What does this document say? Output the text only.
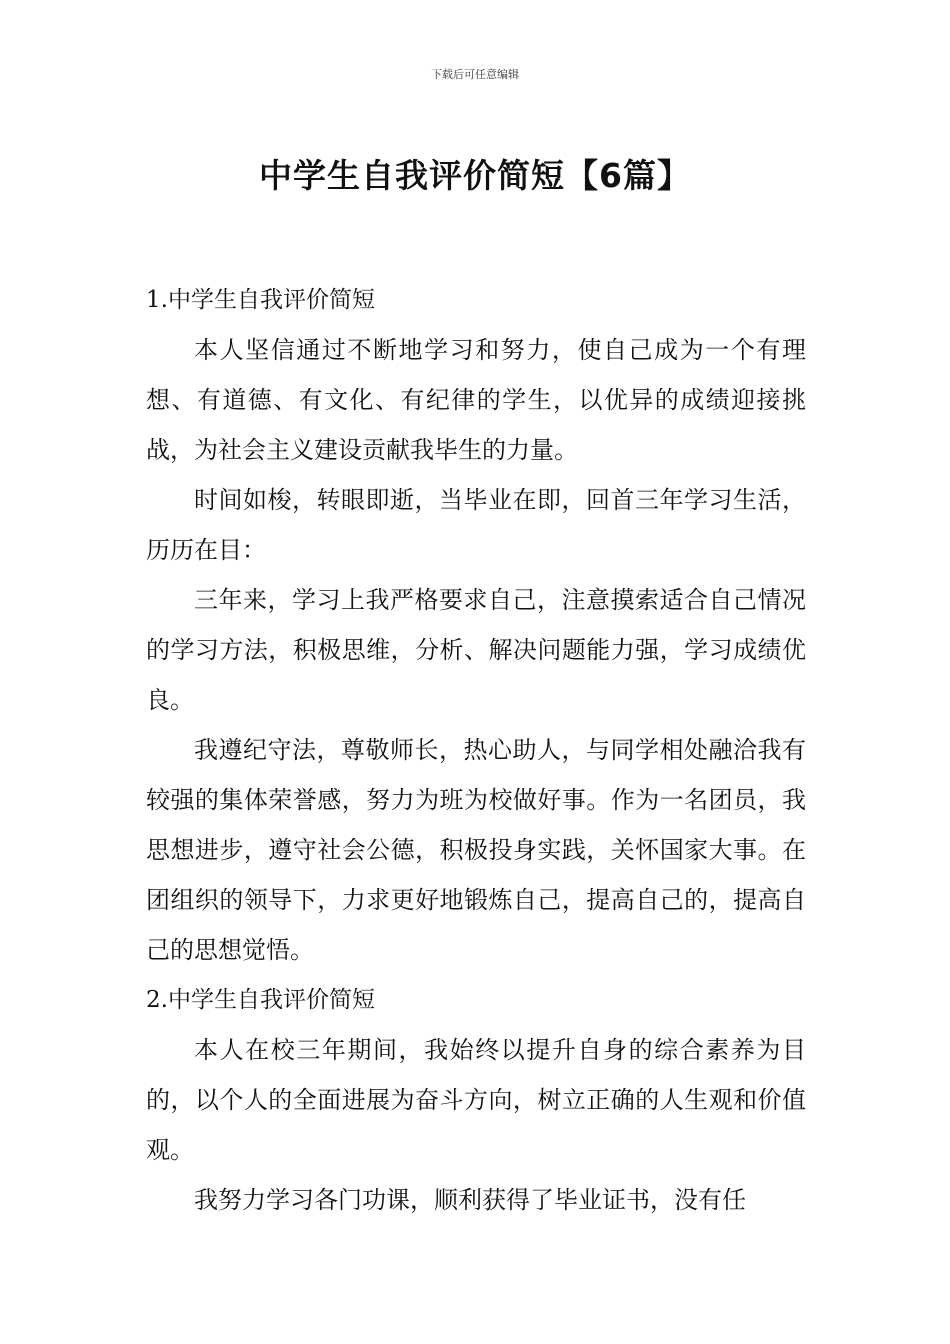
下载后可任意编辑
中学生自我评价简短【6篇】

1.中学生自我评价简短

本人坚信通过不断地学习和努力，使自己成为一个有理想、有道德、有文化、有纪律的学生，以优异的成绩迎接挑战，为社会主义建设贡献我毕生的力量。

时间如梭，转眼即逝，当毕业在即，回首三年学习生活，历历在目：

三年来，学习上我严格要求自己，注意摸索适合自己情况的学习方法，积极思维，分析、解决问题能力强，学习成绩优良。

我遵纪守法，尊敬师长，热心助人，与同学相处融洽我有较强的集体荣誉感，努力为班为校做好事。作为一名团员，我思想进步，遵守社会公德，积极投身实践，关怀国家大事。在团组织的领导下，力求更好地锻炼自己，提高自己的，提高自己的思想觉悟。

2.中学生自我评价简短

本人在校三年期间，我始终以提升自身的综合素养为目的，以个人的全面进展为奋斗方向，树立正确的人生观和价值观。

我努力学习各门功课，顺利获得了毕业证书，没有任
